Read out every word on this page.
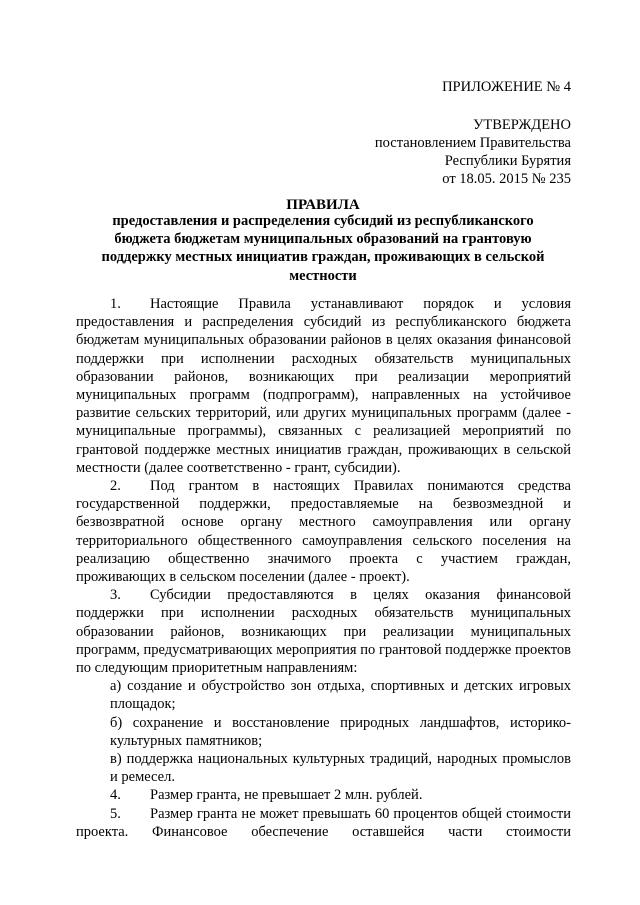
ПРИЛОЖЕНИЕ № 4
УТВЕРЖДЕНО
постановлением Правительства
Республики Бурятия
от 18.05. 2015 № 235
ПРАВИЛА
предоставления и распределения субсидий из республиканского бюджета бюджетам муниципальных образований на грантовую поддержку местных инициатив граждан, проживающих в сельской местности

1. Настоящие Правила устанавливают порядок и условия предоставления и распределения субсидий из республиканского бюджета бюджетам муниципальных образовании районов в целях оказания финансовой поддержки при исполнении расходных обязательств муниципальных образовании районов, возникающих при реализации мероприятий муниципальных программ (подпрограмм), направленных на устойчивое развитие сельских территорий, или других муниципальных программ (далее - муниципальные программы), связанных с реализацией мероприятий по грантовой поддержке местных инициатив граждан, проживающих в сельской местности (далее соответственно - грант, субсидии).

2. Под грантом в настоящих Правилах понимаются средства государственной поддержки, предоставляемые на безвозмездной и безвозвратной основе органу местного самоуправления или органу территориального общественного самоуправления сельского поселения на реализацию общественно значимого проекта с участием граждан, проживающих в сельском поселении (далее - проект).

3. Субсидии предоставляются в целях оказания финансовой поддержки при исполнении расходных обязательств муниципальных образовании районов, возникающих при реализации муниципальных программ, предусматривающих мероприятия по грантовой поддержке проектов по следующим приоритетным направлениям:

а) создание и обустройство зон отдыха, спортивных и детских игровых площадок;

б) сохранение и восстановление природных ландшафтов, историко-культурных памятников;

в) поддержка национальных культурных традиций, народных промыслов и ремесел.

4. Размер гранта, не превышает 2 млн. рублей.

5. Размер гранта не может превышать 60 процентов общей стоимости проекта. Финансовое обеспечение оставшейся части стоимости
